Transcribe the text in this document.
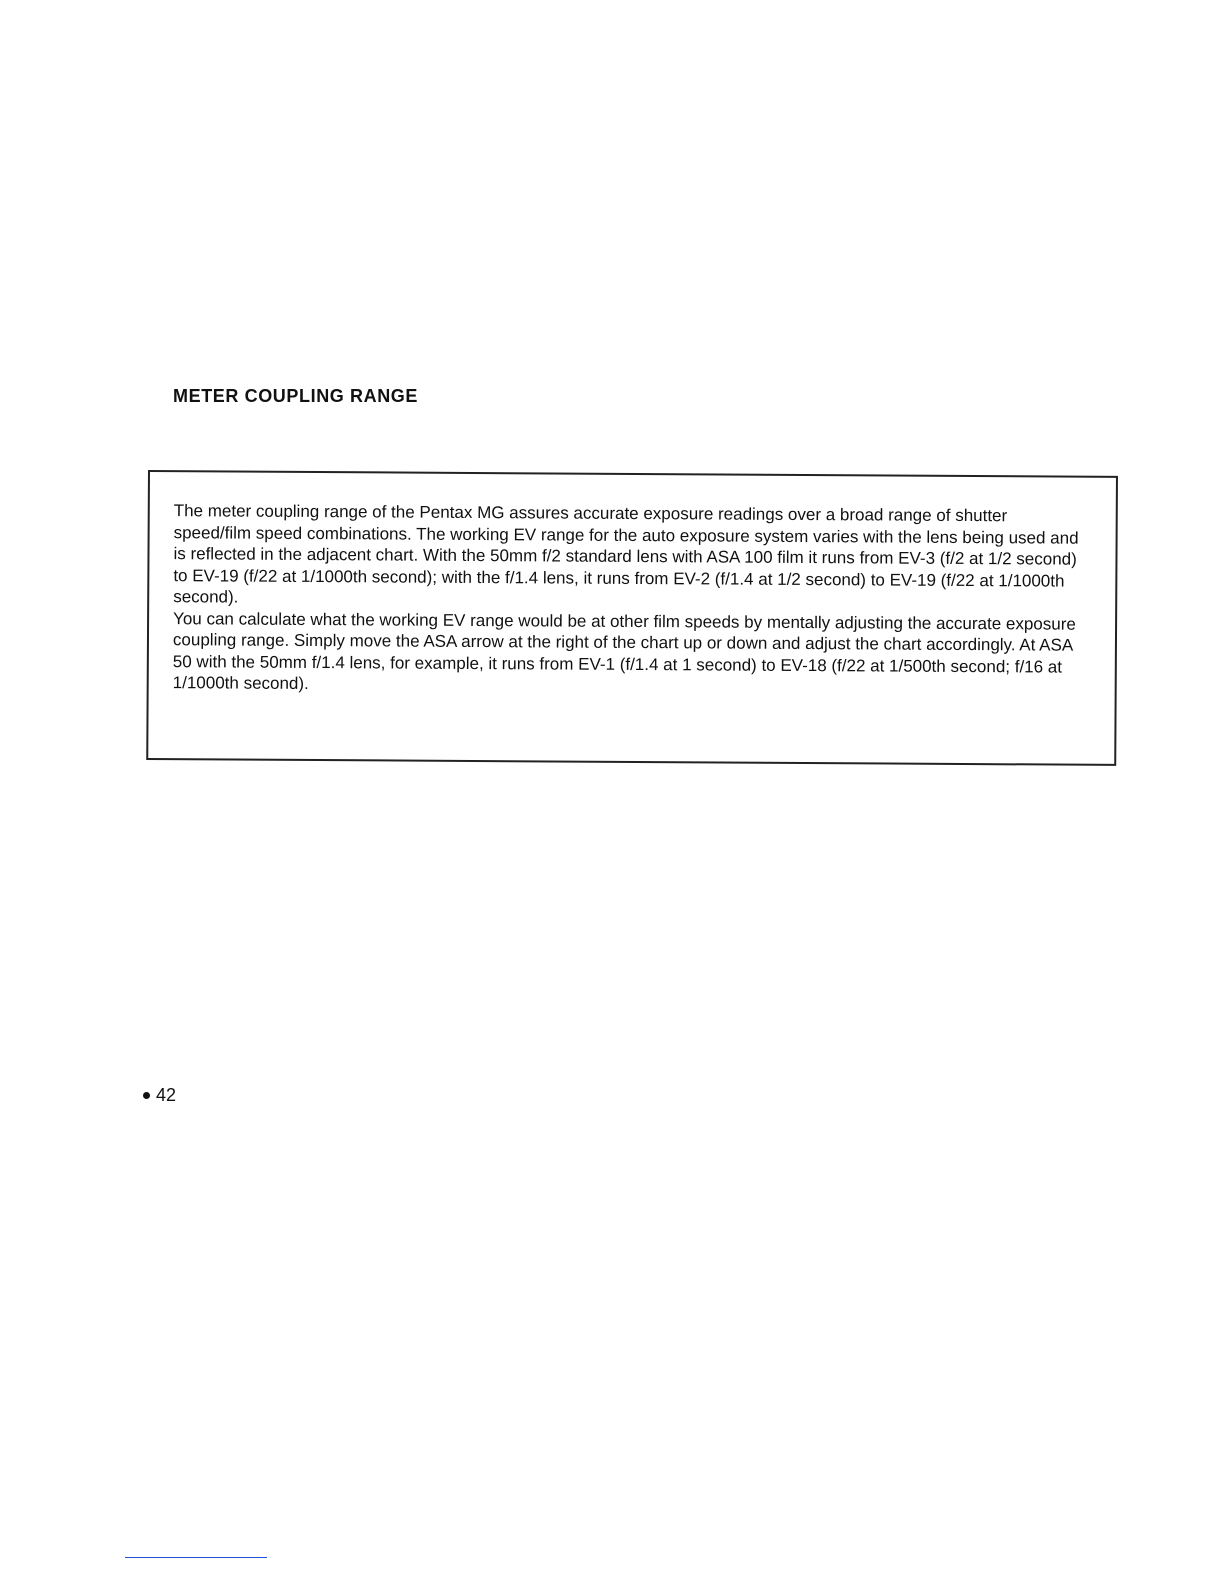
METER COUPLING RANGE

The meter coupling range of the Pentax MG assures accurate exposure readings over a broad range of shutter speed/film speed combinations. The working EV range for the auto exposure system varies with the lens being used and is reflected in the adjacent chart. With the 50mm f/2 standard lens with ASA 100 film it runs from EV-3 (f/2 at 1/2 second) to EV-19 (f/22 at 1/1000th second); with the f/1.4 lens, it runs from EV-2 (f/1.4 at 1/2 second) to EV-19 (f/22 at 1/1000th second).

You can calculate what the working EV range would be at other film speeds by mentally adjusting the accurate exposure coupling range. Simply move the ASA arrow at the right of the chart up or down and adjust the chart accordingly. At ASA 50 with the 50mm f/1.4 lens, for example, it runs from EV-1 (f/1.4 at 1 second) to EV-18 (f/22 at 1/500th second; f/16 at 1/1000th second).

42
